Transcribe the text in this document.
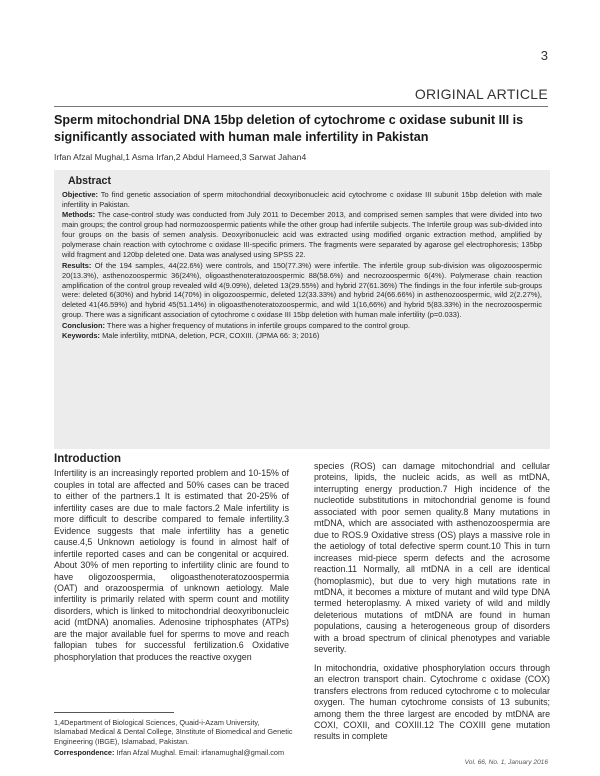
3
ORIGINAL ARTICLE
Sperm mitochondrial DNA 15bp deletion of cytochrome c oxidase subunit III is significantly associated with human male infertility in Pakistan
Irfan Afzal Mughal,1 Asma Irfan,2 Abdul Hameed,3 Sarwat Jahan4
Abstract

Objective: To find genetic association of sperm mitochondrial deoxyribonucleic acid cytochrome c oxidase III subunit 15bp deletion with male infertility in Pakistan.

Methods: The case-control study was conducted from July 2011 to December 2013, and comprised semen samples that were divided into two main groups; the control group had normozoospermic patients while the other group had infertile subjects. The Infertile group was sub-divided into four groups on the basis of semen analysis. Deoxyribonucleic acid was extracted using modified organic extraction method, amplified by polymerase chain reaction with cytochrome c oxidase III-specific primers. The fragments were separated by agarose gel electrophoresis; 135bp wild fragment and 120bp deleted one. Data was analysed using SPSS 22.

Results: Of the 194 samples, 44(22.6%) were controls, and 150(77.3%) were infertile. The infertile group sub-division was oligozoospermic 20(13.3%), asthenozoospermic 36(24%), oligoasthenoteratozoospermic 88(58.6%) and necrozoospermic 6(4%). Polymerase chain reaction amplification of the control group revealed wild 4(9.09%), deleted 13(29.55%) and hybrid 27(61.36%) The findings in the four infertile sub-groups were: deleted 6(30%) and hybrid 14(70%) in oligozoospermic, deleted 12(33.33%) and hybrid 24(66.66%) in asthenozoospermic, wild 2(2.27%), deleted 41(46.59%) and hybrid 45(51.14%) in oligoasthenoteratozoospermic, and wild 1(16,66%) and hybrid 5(83.33%) in the necrozoospermic group. There was a significant association of cytochrome c oxidase III 15bp deletion with human male infertility (p=0.033).

Conclusion: There was a higher frequency of mutations in infertile groups compared to the control group.

Keywords: Male infertility, mtDNA, deletion, PCR, COXIII. (JPMA 66: 3; 2016)

Introduction

Infertility is an increasingly reported problem and 10-15% of couples in total are affected and 50% cases can be traced to either of the partners.1 It is estimated that 20-25% of infertility cases are due to male factors.2 Male infertility is more difficult to describe compared to female infertility.3 Evidence suggests that male infertility has a genetic cause.4,5 Unknown aetiology is found in almost half of infertile reported cases and can be congenital or acquired. About 30% of men reporting to infertility clinic are found to have oligozoospermia, oligoasthenoteratozoospermia (OAT) and orazoospermia of unknown aetiology. Male infertility is primarily related with sperm count and motility disorders, which is linked to mitochondrial deoxyribonucleic acid (mtDNA) anomalies. Adenosine triphosphates (ATPs) are the major available fuel for sperms to move and reach fallopian tubes for successful fertilization.6 Oxidative phosphorylation that produces the reactive oxygen

species (ROS) can damage mitochondrial and cellular proteins, lipids, the nucleic acids, as well as mtDNA, interrupting energy production.7 High incidence of the nucleotide substitutions in mitochondrial genome is found associated with poor semen quality.8 Many mutations in mtDNA, which are associated with asthenozoospermia are due to ROS.9 Oxidative stress (OS) plays a massive role in the aetiology of total defective sperm count.10 This in turn increases mid-piece sperm defects and the acrosome reaction.11 Normally, all mtDNA in a cell are identical (homoplasmic), but due to very high mutations rate in mtDNA, it becomes a mixture of mutant and wild type DNA termed heteroplasmy. A mixed variety of wild and mildly deleterious mutations of mtDNA are found in human populations, causing a heterogeneous group of disorders with a broad spectrum of clinical phenotypes and variable severity.

In mitochondria, oxidative phosphorylation occurs through an electron transport chain. Cytochrome c oxidase (COX) transfers electrons from reduced cytochrome c to molecular oxygen. The human cytochrome consists of 13 subunits; among them the three largest are encoded by mtDNA are COXI, COXII, and COXIII.12 The COXIII gene mutation results in complete

1,4Department of Biological Sciences, Quaid-i-Azam University, Islamabad Medical & Dental College, 3Institute of Biomedical and Genetic Engineering (IBGE), Islamabad, Pakistan.

Correspondence: Irfan Afzal Mughal. Email: irfanamughal@gmail.com

Vol. 66, No. 1, January 2016
